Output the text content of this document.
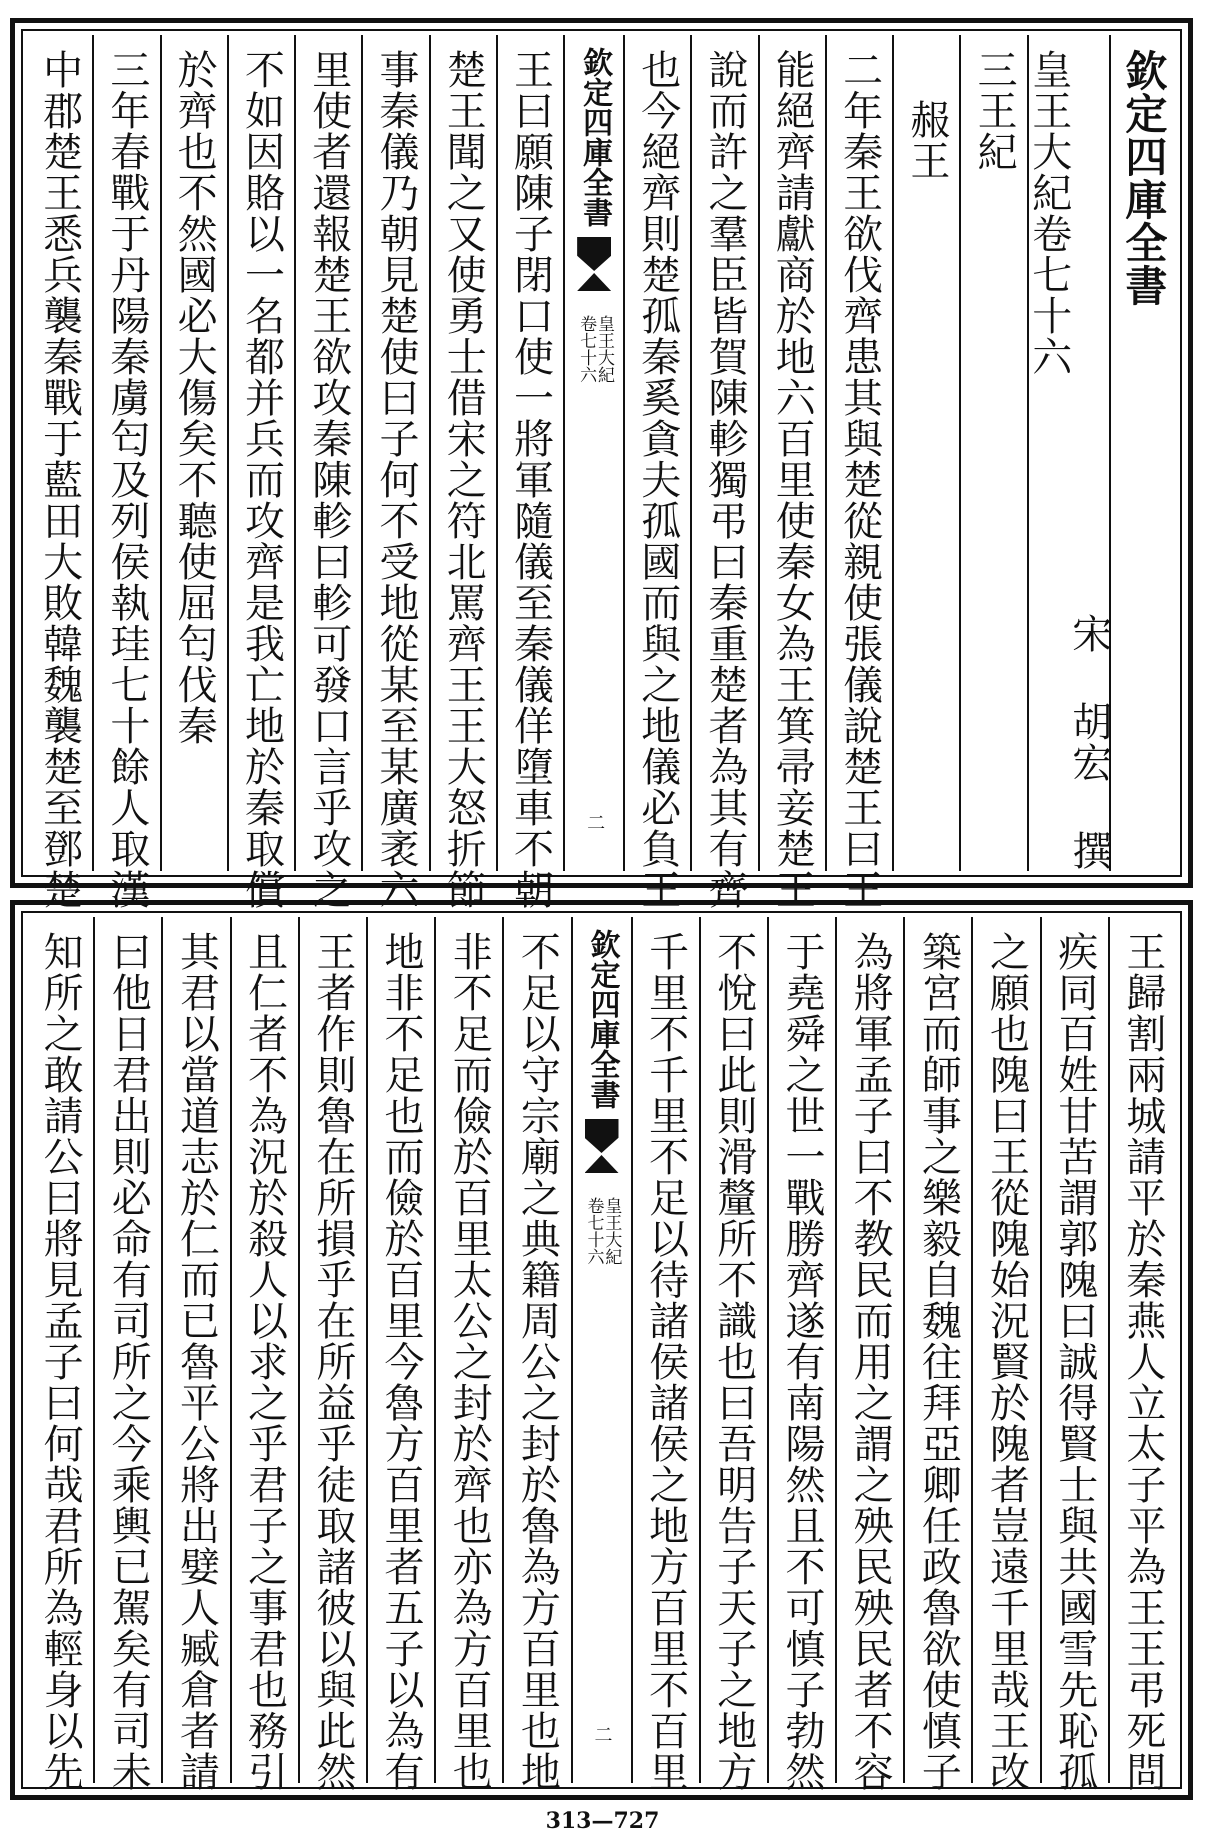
欽定四庫全書
皇王大紀卷七十六
宋 胡宏 撰
三王紀
赧王
二年秦王欲伐齊患其與楚從親使張儀說楚王曰王
能絕齊請獻商於地六百里使秦女為王箕帚妾楚王
說而許之羣臣皆賀陳軫獨弔曰秦重楚者為其有齊
也今絕齊則楚孤秦奚貪夫孤國而與之地儀必負王
欽定四庫全書
皇王大紀
卷七十六
二
王曰願陳子閉口使一將軍隨儀至秦儀佯墮車不朝
楚王聞之又使勇士借宋之符北罵齊王王大怒折節
事秦儀乃朝見楚使曰子何不受地從某至某廣袤六
里使者還報楚王欲攻秦陳軫曰軫可發口言乎攻之
不如因賂以一名都并兵而攻齊是我亡地於秦取償
於齊也不然國必大傷矣不聽使屈匄伐秦
三年春戰于丹陽秦虜匄及列侯執珪七十餘人取漢
中郡楚王悉兵襲秦戰于藍田大敗韓魏襲楚至鄧楚
王歸割兩城請平於秦燕人立太子平為王王弔死問
疾同百姓甘苦謂郭隗曰誠得賢士與共國雪先恥孤
之願也隗曰王從隗始況賢於隗者豈遠千里哉王改
築宮而師事之樂毅自魏往拜亞卿任政魯欲使慎子
為將軍孟子曰不教民而用之謂之殃民殃民者不容
于堯舜之世一戰勝齊遂有南陽然且不可慎子勃然
不悅曰此則滑釐所不識也曰吾明告子天子之地方
千里不千里不足以待諸侯諸侯之地方百里不百里
欽定四庫全書
皇王大紀
卷七十六
二
不足以守宗廟之典籍周公之封於魯為方百里也地
非不足而儉於百里太公之封於齊也亦為方百里也
地非不足也而儉於百里今魯方百里者五子以為有
王者作則魯在所損乎在所益乎徒取諸彼以與此然
且仁者不為況於殺人以求之乎君子之事君也務引
其君以當道志於仁而已魯平公將出嬖人臧倉者請
曰他日君出則必命有司所之今乘輿已駕矣有司未
知所之敢請公曰將見孟子曰何哉君所為輕身以先
313—727
